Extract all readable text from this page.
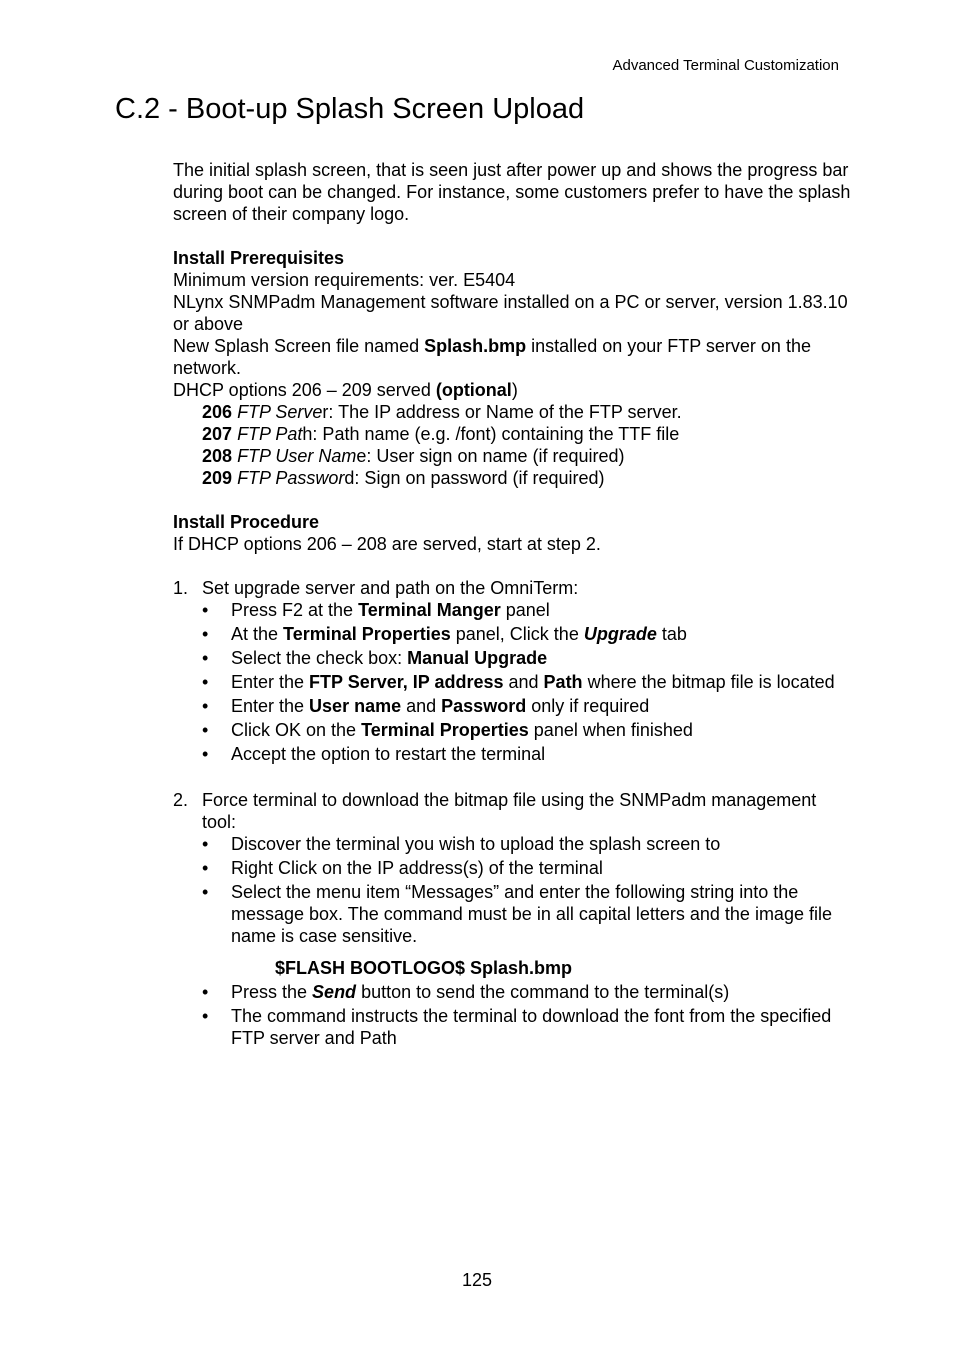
Advanced Terminal Customization
C.2 - Boot-up Splash Screen Upload

The initial splash screen, that is seen just after power up and shows the progress bar during boot can be changed. For instance, some customers prefer to have the splash screen of their company logo.

Install Prerequisites

Minimum version requirements: ver. E5404

NLynx SNMPadm Management software installed on a PC or server, version 1.83.10 or above

New Splash Screen file named Splash.bmp installed on your FTP server on the network.

DHCP options 206 – 209 served (optional)

206 FTP Server: The IP address or Name of the FTP server.

207 FTP Path: Path name (e.g. /font) containing the TTF file

208 FTP User Name: User sign on name (if required)

209 FTP Password: Sign on password (if required)

Install Procedure

If DHCP options 206 – 208 are served, start at step 2.

1. Set upgrade server and path on the OmniTerm:
•	Press F2 at the Terminal Manger panel
•	At the Terminal Properties panel, Click the Upgrade tab
•	Select the check box: Manual Upgrade
•	Enter the FTP Server, IP address and Path where the bitmap file is located
•	Enter the User name and Password only if required
•	Click OK on the Terminal Properties panel when finished
•	Accept the option to restart the terminal
2. Force terminal to download the bitmap file using the SNMPadm management tool:
•	Discover the terminal you wish to upload the splash screen to
•	Right Click on the IP address(s) of the terminal
•	Select the menu item “Messages” and enter the following string into the message box. The command must be in all capital letters and the image file name is case sensitive.

$FLASH BOOTLOGO$ Splash.bmp

•	Press the Send button to send the command to the terminal(s)
•	The command instructs the terminal to download the font from the specified FTP server and Path
125
